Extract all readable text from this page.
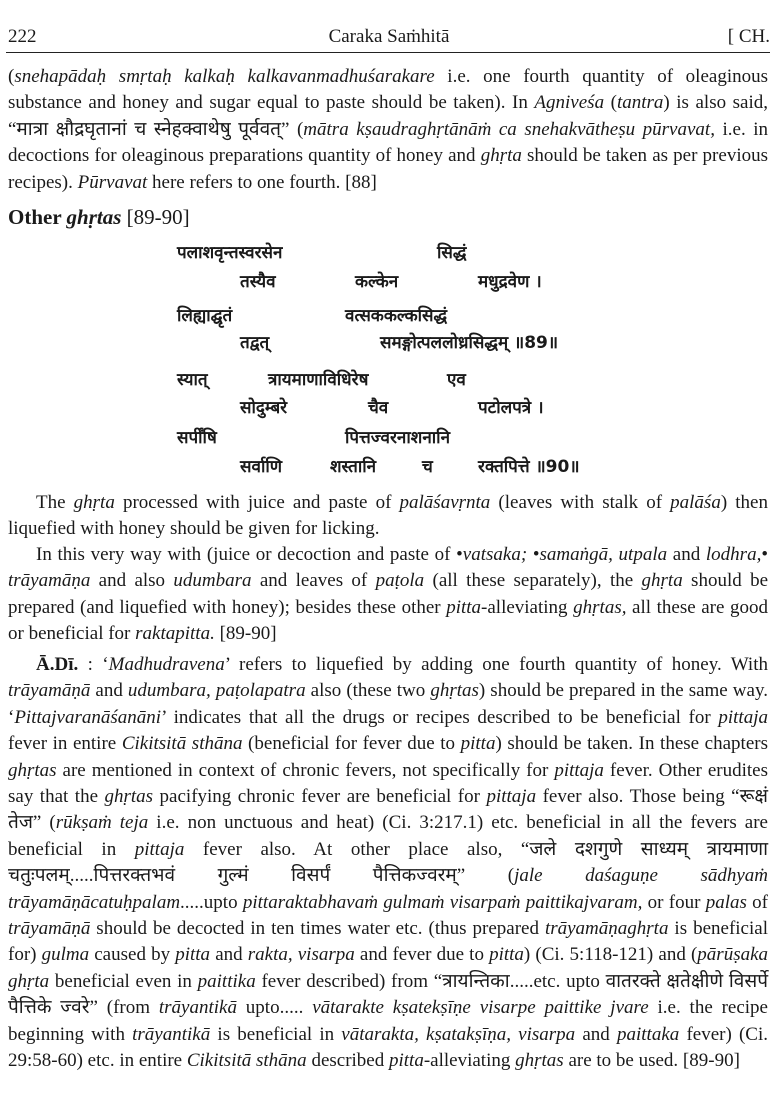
222	Caraka Saṁhitā	[ CH.

(snehapādaḥ smṛtaḥ kalkaḥ kalkavanmadhuśarakare i.e. one fourth quantity of oleaginous substance and honey and sugar equal to paste should be taken). In Agniveśa (tantra) is also said, “मात्रा क्षौद्रघृतानां च स्नेहक्वाथेषु पूर्ववत्” (mātra kṣaudraghṛtānāṁ ca snehakvātheṣu pūrvavat, i.e. in decoctions for oleaginous preparations quantity of honey and ghṛta should be taken as per previous recipes). Pūrvavat here refers to one fourth. [88]

Other ghṛtas [89-90]
पलाशवृन्तस्वरसेन	सिद्धं
तस्यैव	कल्केन	मधुद्रवेण ।
लिह्याद्घृतं	वत्सककल्कसिद्धं
तद्वत्	समङ्गोत्पललोध्रसिद्धम् ॥89॥
स्यात्	त्रायमाणाविधिरेष	एव
सोदुम्बरे	चैव	पटोलपत्रे ।
सर्पींषि	पित्तज्वरनाशनानि
सर्वाणि	शस्तानि	च	रक्तपित्ते ॥90॥

The ghṛta processed with juice and paste of palāśavṛnta (leaves with stalk of palāśa) then liquefied with honey should be given for licking.

In this very way with (juice or decoction and paste of •vatsaka; •samaṅgā, utpala and lodhra,• trāyamāṇa and also udumbara and leaves of paṭola (all these separately), the ghṛta should be prepared (and liquefied with honey); besides these other pitta-alleviating ghṛtas, all these are good or beneficial for raktapitta. [89-90]

Ā.Dī. : ‘Madhudravena’ refers to liquefied by adding one fourth quantity of honey. With trāyamāṇā and udumbara, paṭolapatra also (these two ghṛtas) should be prepared in the same way. ‘Pittajvaranāśanāni’ indicates that all the drugs or recipes described to be beneficial for pittaja fever in entire Cikitsitā sthāna (beneficial for fever due to pitta) should be taken. In these chapters ghṛtas are mentioned in context of chronic fevers, not specifically for pittaja fever. Other erudites say that the ghṛtas pacifying chronic fever are beneficial for pittaja fever also. Those being “रूक्षं तेज” (rūkṣaṁ teja i.e. non unctuous and heat) (Ci. 3:217.1) etc. beneficial in all the fevers are beneficial in pittaja fever also. At other place also, “जले दशगुणे साध्यम् त्रायमाणा चतुःपलम्.....पित्तरक्तभवं गुल्मं विसर्पं पैत्तिकज्वरम्” (jale daśaguṇe sādhyaṁ trāyamāṇācatuḥpalam.....upto pittaraktabhavaṁ gulmaṁ visarpaṁ paittikajvaram, or four palas of trāyamāṇā should be decocted in ten times water etc. (thus prepared trāyamāṇaghṛta is beneficial for) gulma caused by pitta and rakta, visarpa and fever due to pitta) (Ci. 5:118-121) and (pārūṣaka ghṛta beneficial even in paittika fever described) from “त्रायन्तिका.....etc. upto वातरक्ते क्षतेक्षीणे विसर्पे पैत्तिके ज्वरे” (from trāyantikā upto..... vātarakte kṣatekṣīṇe visarpe paittike jvare i.e. the recipe beginning with trāyantikā is beneficial in vātarakta, kṣatakṣīṇa, visarpa and paittaka fever) (Ci. 29:58-60) etc. in entire Cikitsitā sthāna described pitta-alleviating ghṛtas are to be used. [89-90]
